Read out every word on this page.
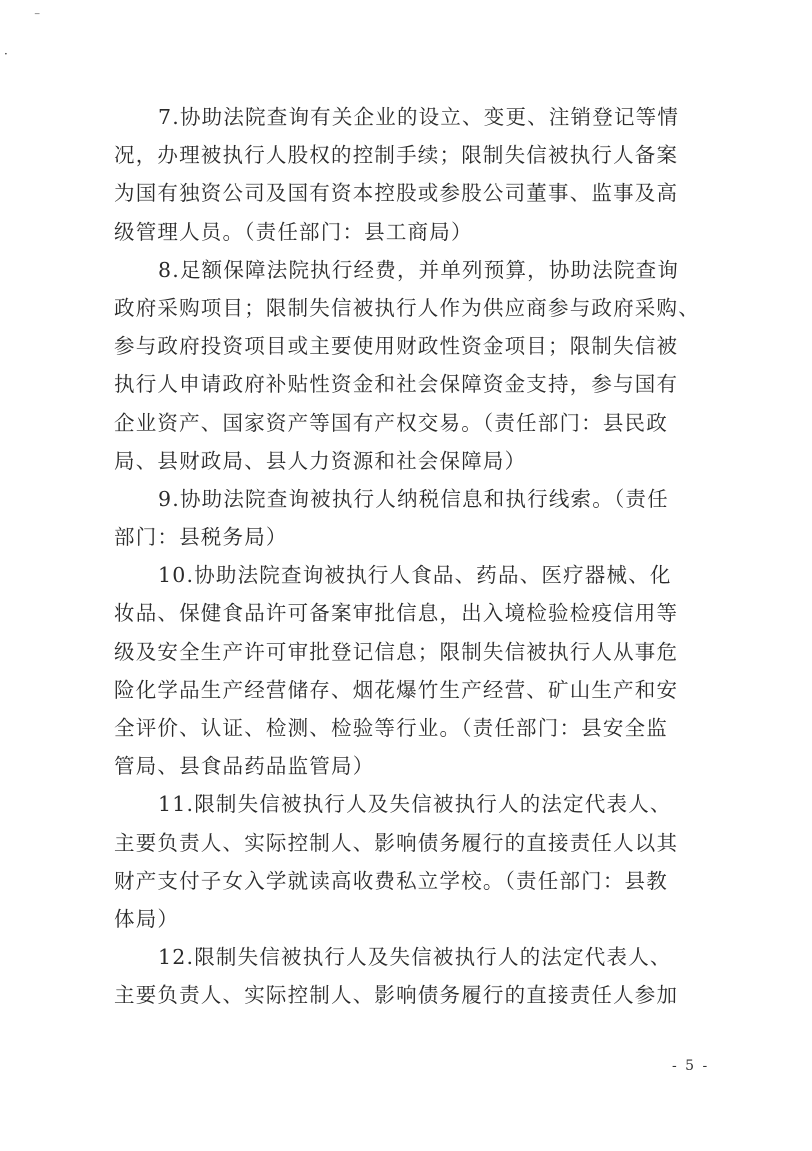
⁻
·
7.协助法院查询有关企业的设立、变更、注销登记等情
况，办理被执行人股权的控制手续；限制失信被执行人备案
为国有独资公司及国有资本控股或参股公司董事、监事及高
级管理人员。（责任部门：县工商局）
8.足额保障法院执行经费，并单列预算，协助法院查询
政府采购项目；限制失信被执行人作为供应商参与政府采购、
参与政府投资项目或主要使用财政性资金项目；限制失信被
执行人申请政府补贴性资金和社会保障资金支持，参与国有
企业资产、国家资产等国有产权交易。（责任部门：县民政
局、县财政局、县人力资源和社会保障局）
9.协助法院查询被执行人纳税信息和执行线索。（责任
部门：县税务局）
10.协助法院查询被执行人食品、药品、医疗器械、化
妆品、保健食品许可备案审批信息，出入境检验检疫信用等
级及安全生产许可审批登记信息；限制失信被执行人从事危
险化学品生产经营储存、烟花爆竹生产经营、矿山生产和安
全评价、认证、检测、检验等行业。（责任部门：县安全监
管局、县食品药品监管局）
11.限制失信被执行人及失信被执行人的法定代表人、
主要负责人、实际控制人、影响债务履行的直接责任人以其
财产支付子女入学就读高收费私立学校。（责任部门：县教
体局）
12.限制失信被执行人及失信被执行人的法定代表人、
主要负责人、实际控制人、影响债务履行的直接责任人参加
- 5 -
